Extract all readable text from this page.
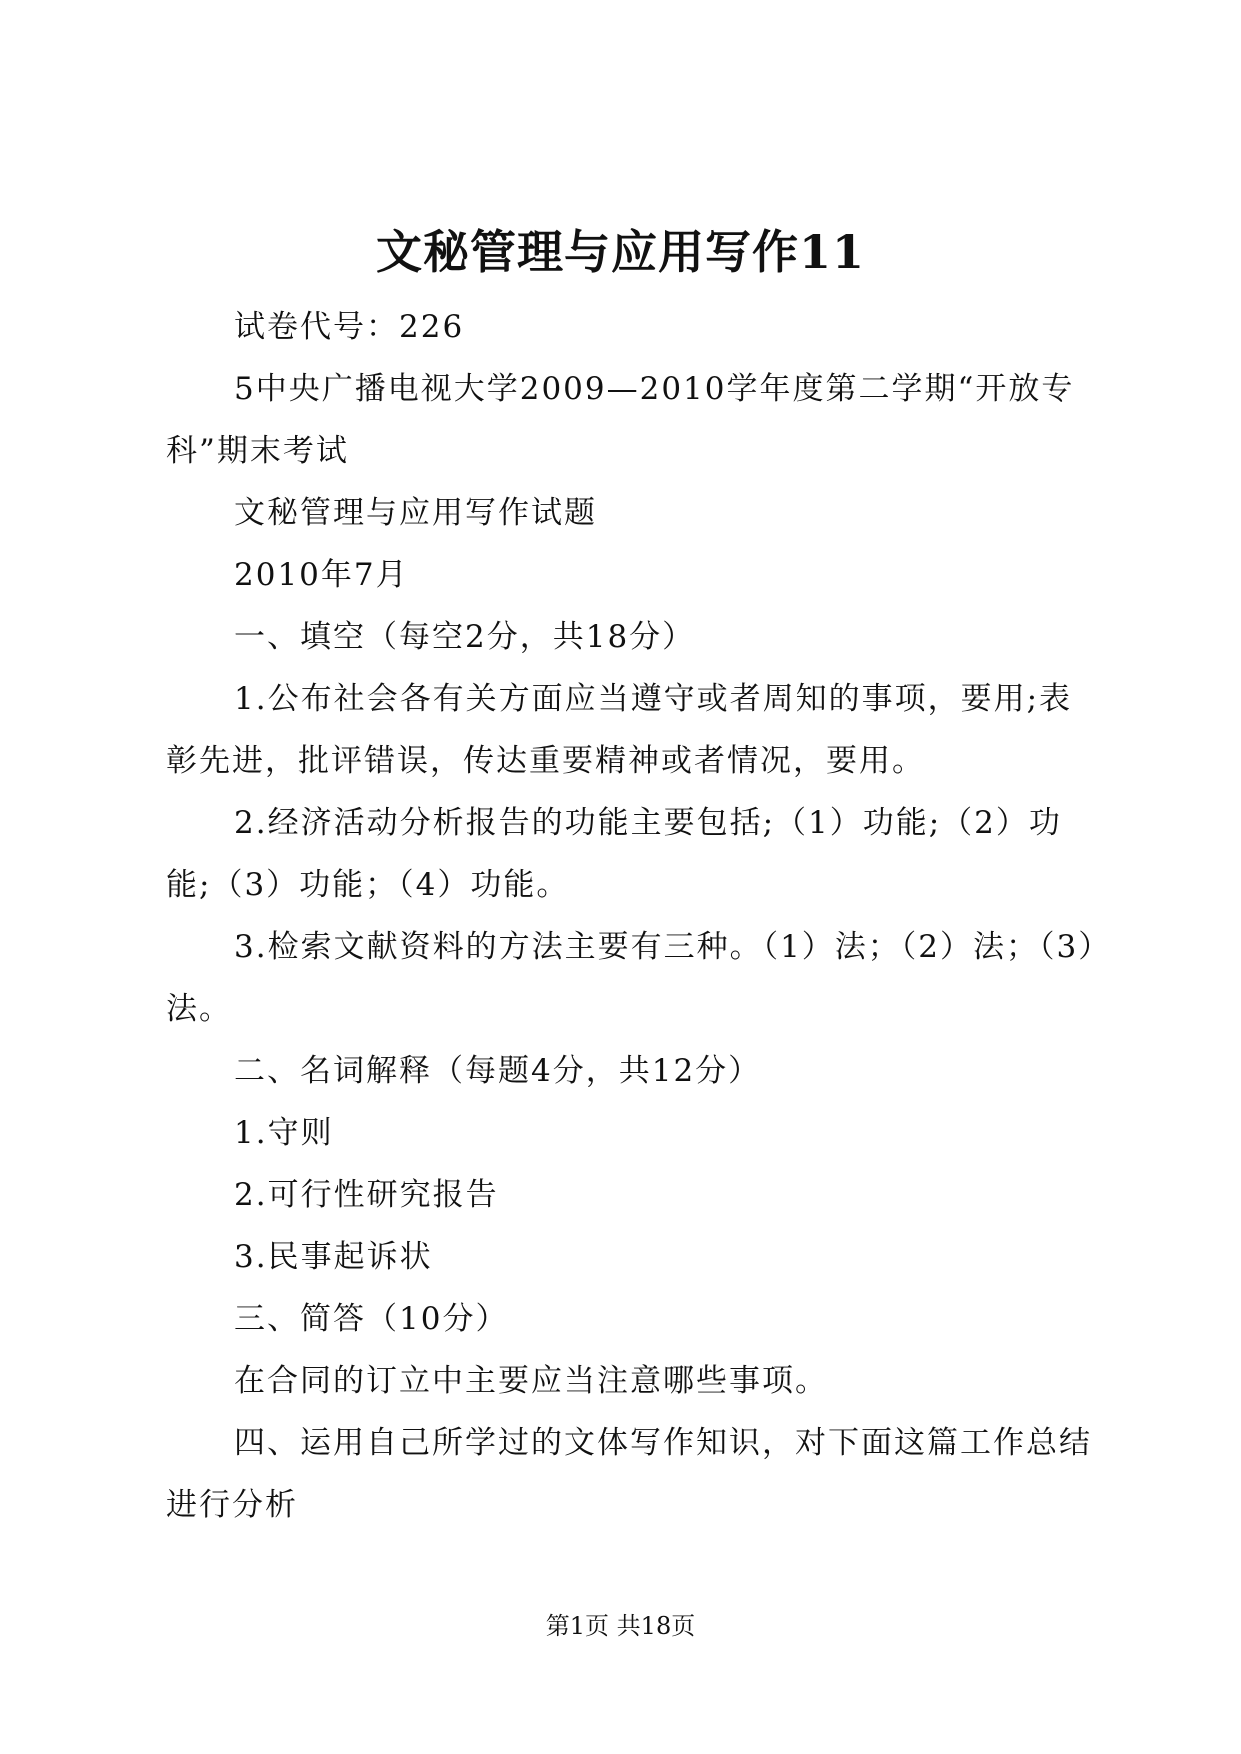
文秘管理与应用写作11

试卷代号：226

5中央广播电视大学2009—2010学年度第二学期“开放专科”期末考试

文秘管理与应用写作试题

2010年7月

一、填空（每空2分，共18分）

1.公布社会各有关方面应当遵守或者周知的事项，要用;表彰先进，批评错误，传达重要精神或者情况，要用。

2.经济活动分析报告的功能主要包括;（1）功能;（2）功能;（3）功能；（4）功能。

3.检索文献资料的方法主要有三种。（1）法；（2）法；（3）法。

二、名词解释（每题4分，共12分）

1.守则

2.可行性研究报告

3.民事起诉状

三、简答（10分）

在合同的订立中主要应当注意哪些事项。

四、运用自己所学过的文体写作知识，对下面这篇工作总结进行分析

第1页 共18页
